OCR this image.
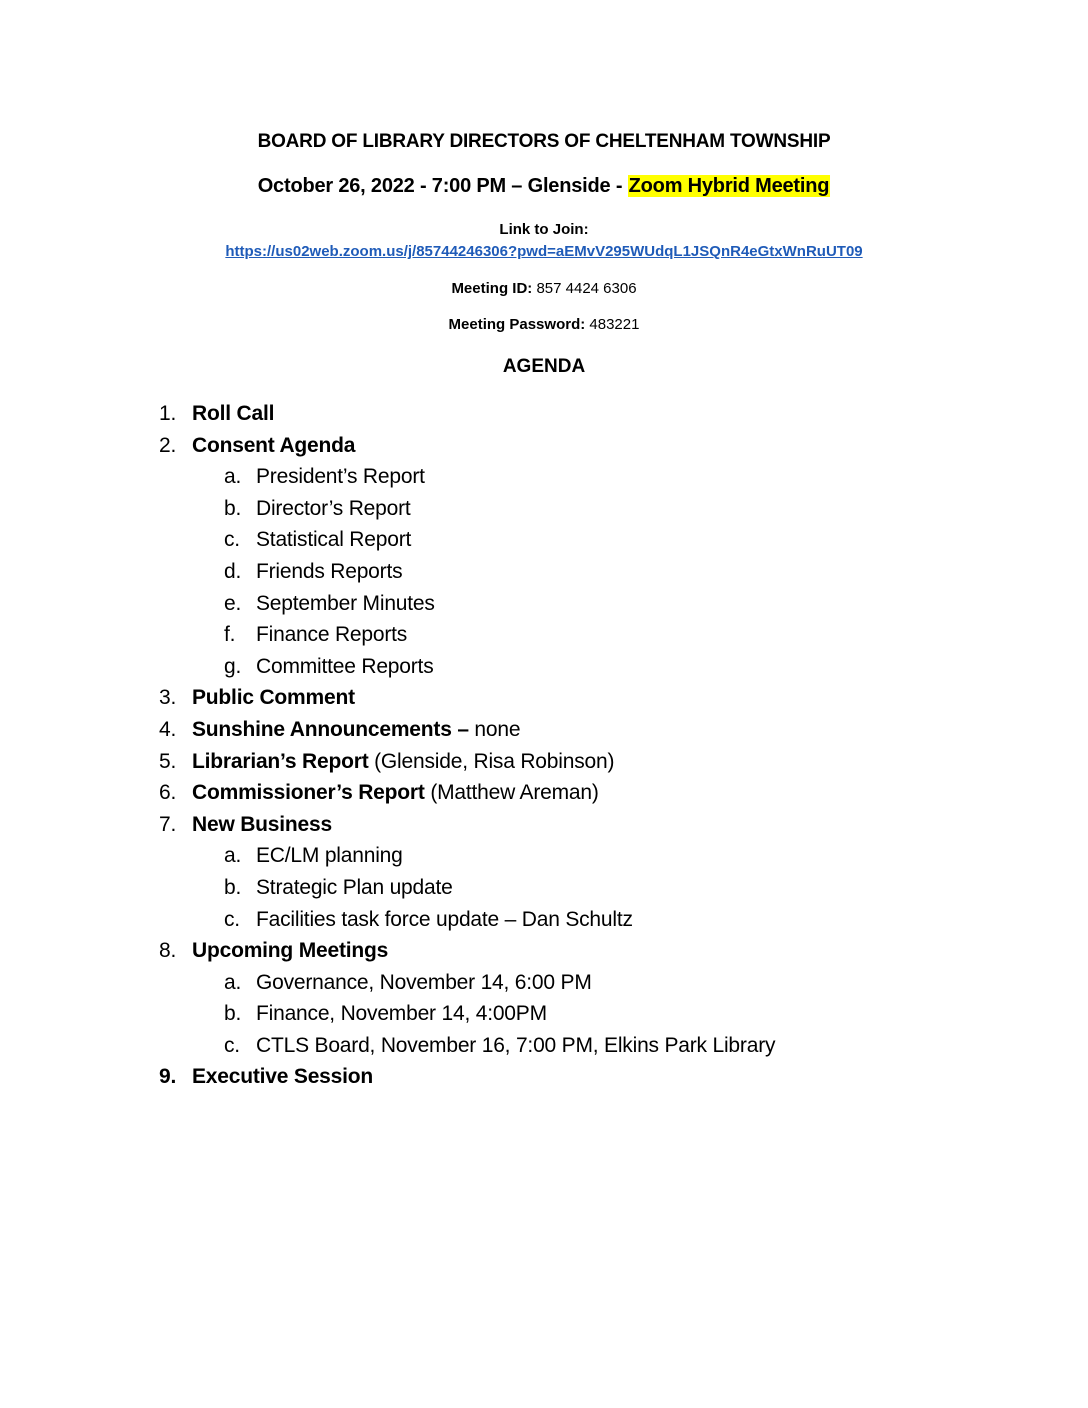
BOARD OF LIBRARY DIRECTORS OF CHELTENHAM TOWNSHIP
October 26, 2022 - 7:00 PM – Glenside - Zoom Hybrid Meeting
Link to Join:
https://us02web.zoom.us/j/85744246306?pwd=aEMvV295WUdqL1JSQnR4eGtxWnRuUT09
Meeting ID: 857 4424 6306
Meeting Password: 483221
AGENDA
1. Roll Call
2. Consent Agenda
a. President’s Report
b. Director’s Report
c. Statistical Report
d. Friends Reports
e. September Minutes
f. Finance Reports
g. Committee Reports
3. Public Comment
4. Sunshine Announcements – none
5. Librarian’s Report (Glenside, Risa Robinson)
6. Commissioner’s Report (Matthew Areman)
7. New Business
a. EC/LM planning
b. Strategic Plan update
c. Facilities task force update – Dan Schultz
8. Upcoming Meetings
a. Governance, November 14, 6:00 PM
b. Finance, November 14, 4:00PM
c. CTLS Board, November 16, 7:00 PM, Elkins Park Library
9. Executive Session
